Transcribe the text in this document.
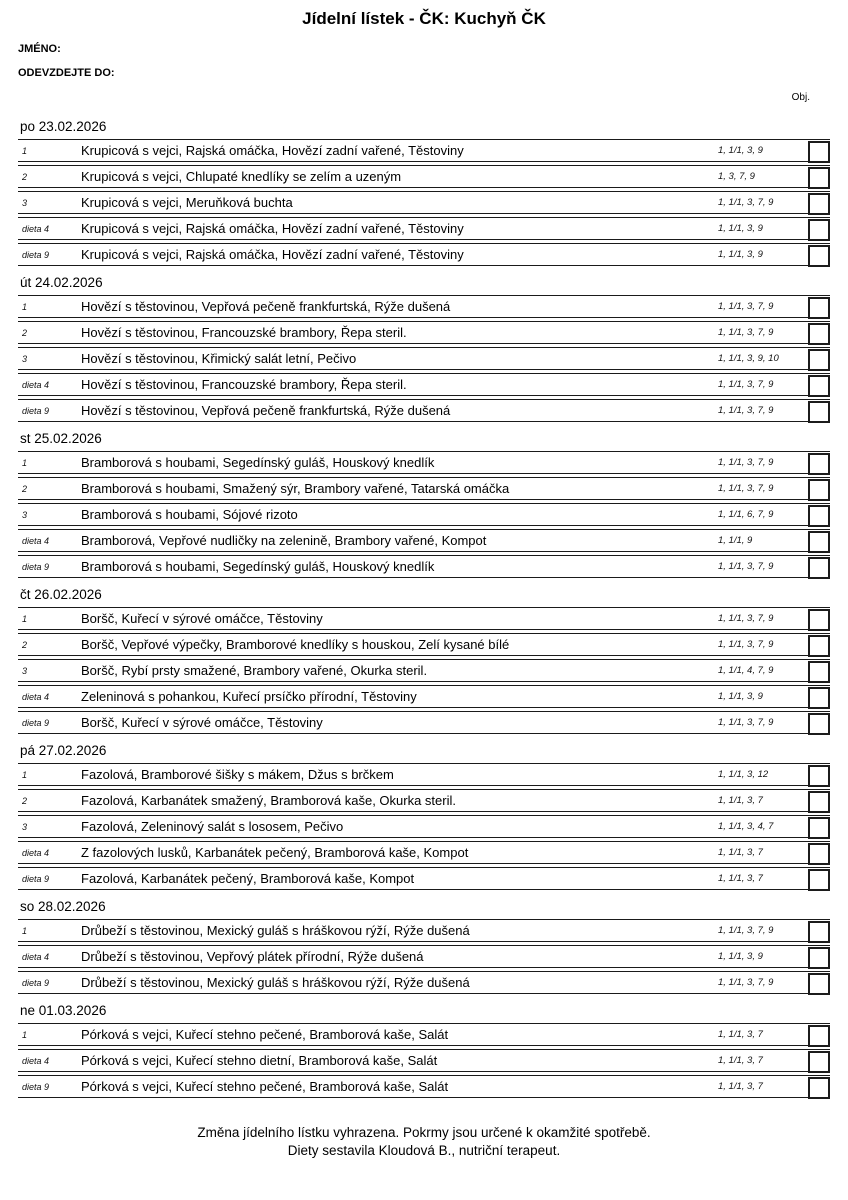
Jídelní lístek - ČK: Kuchyň ČK
JMÉNO:
ODEVZDEJTE DO:
Obj.
po 23.02.2026
1	Krupicová s vejci, Rajská omáčka, Hovězí zadní vařené, Těstoviny	1, 1/1, 3, 9
2	Krupicová s vejci, Chlupaté knedlíky se zelím a uzeným	1, 3, 7, 9
3	Krupicová s vejci, Meruňková buchta	1, 1/1, 3, 7, 9
dieta 4	Krupicová s vejci, Rajská omáčka, Hovězí zadní vařené, Těstoviny	1, 1/1, 3, 9
dieta 9	Krupicová s vejci, Rajská omáčka, Hovězí zadní vařené, Těstoviny	1, 1/1, 3, 9
út 24.02.2026
1	Hovězí s těstovinou, Vepřová pečeně frankfurtská, Rýže dušená	1, 1/1, 3, 7, 9
2	Hovězí s těstovinou, Francouzské brambory, Řepa steril.	1, 1/1, 3, 7, 9
3	Hovězí s těstovinou, Křimický salát letní, Pečivo	1, 1/1, 3, 9, 10
dieta 4	Hovězí s těstovinou, Francouzské brambory, Řepa steril.	1, 1/1, 3, 7, 9
dieta 9	Hovězí s těstovinou, Vepřová pečeně frankfurtská, Rýže dušená	1, 1/1, 3, 7, 9
st 25.02.2026
1	Bramborová s houbami, Segedínský guláš, Houskový knedlík	1, 1/1, 3, 7, 9
2	Bramborová s houbami, Smažený sýr, Brambory vařené, Tatarská omáčka	1, 1/1, 3, 7, 9
3	Bramborová s houbami, Sójové rizoto	1, 1/1, 6, 7, 9
dieta 4	Bramborová, Vepřové nudličky na zelenině, Brambory vařené, Kompot	1, 1/1, 9
dieta 9	Bramborová s houbami, Segedínský guláš, Houskový knedlík	1, 1/1, 3, 7, 9
čt 26.02.2026
1	Boršč, Kuřecí v sýrové omáčce, Těstoviny	1, 1/1, 3, 7, 9
2	Boršč, Vepřové výpečky, Bramborové knedlíky s houskou, Zelí kysané bílé	1, 1/1, 3, 7, 9
3	Boršč, Rybí prsty smažené, Brambory vařené, Okurka steril.	1, 1/1, 4, 7, 9
dieta 4	Zeleninová s pohankou, Kuřecí prsíčko přírodní, Těstoviny	1, 1/1, 3, 9
dieta 9	Boršč, Kuřecí v sýrové omáčce, Těstoviny	1, 1/1, 3, 7, 9
pá 27.02.2026
1	Fazolová, Bramborové šišky s mákem, Džus s brčkem	1, 1/1, 3, 12
2	Fazolová, Karbanátek smažený, Bramborová kaše, Okurka steril.	1, 1/1, 3, 7
3	Fazolová, Zeleninový salát s lososem, Pečivo	1, 1/1, 3, 4, 7
dieta 4	Z fazolových lusků, Karbanátek pečený, Bramborová kaše, Kompot	1, 1/1, 3, 7
dieta 9	Fazolová, Karbanátek pečený, Bramborová kaše, Kompot	1, 1/1, 3, 7
so 28.02.2026
1	Drůbeží s těstovinou, Mexický guláš s hráškovou rýží, Rýže dušená	1, 1/1, 3, 7, 9
dieta 4	Drůbeží s těstovinou, Vepřový plátek přírodní, Rýže dušená	1, 1/1, 3, 9
dieta 9	Drůbeží s těstovinou, Mexický guláš s hráškovou rýží, Rýže dušená	1, 1/1, 3, 7, 9
ne 01.03.2026
1	Pórková s vejci, Kuřecí stehno pečené, Bramborová kaše, Salát	1, 1/1, 3, 7
dieta 4	Pórková s vejci, Kuřecí stehno dietní, Bramborová kaše, Salát	1, 1/1, 3, 7
dieta 9	Pórková s vejci, Kuřecí stehno pečené, Bramborová kaše, Salát	1, 1/1, 3, 7
Změna jídelního lístku vyhrazena. Pokrmy jsou určené k okamžité spotřebě.
Diety sestavila Kloudová B., nutriční terapeut.
